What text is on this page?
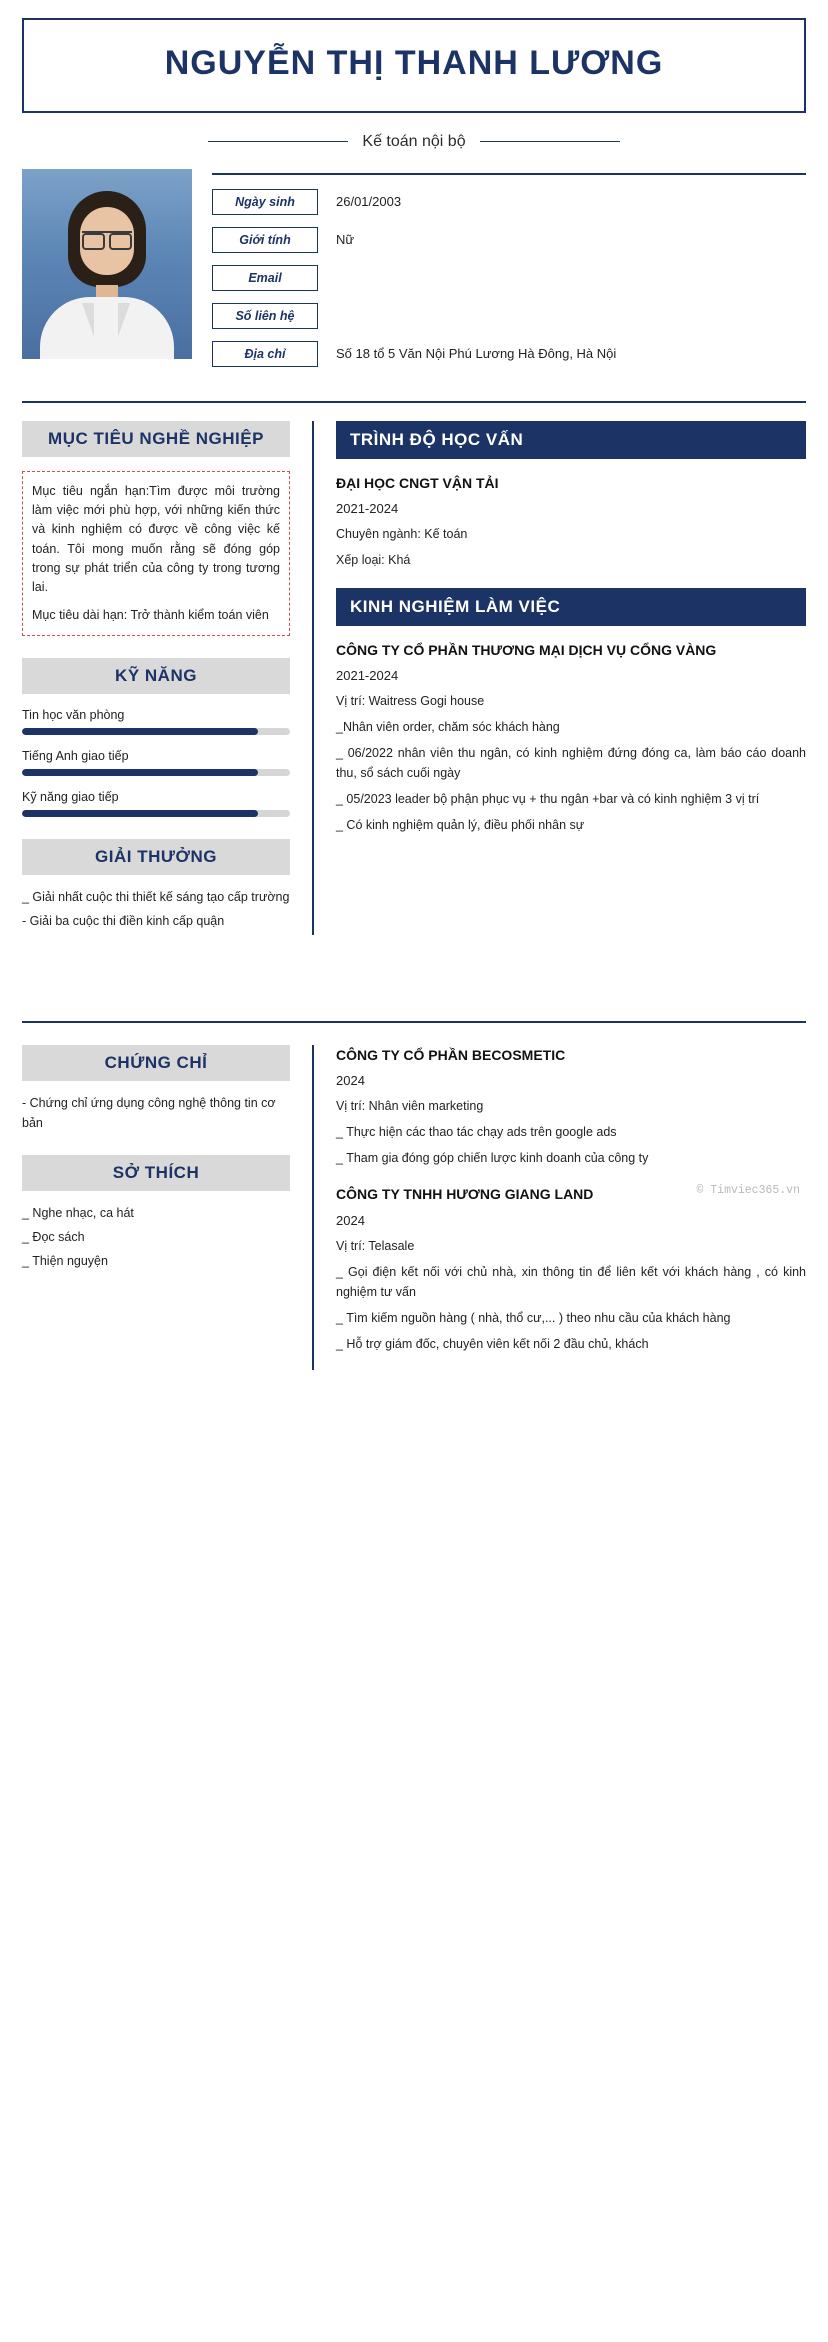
NGUYỄN THỊ THANH LƯƠNG
Kế toán nội bộ
Ngày sinh	26/01/2003
Giới tính	Nữ
Email
Số liên hệ
Địa chỉ	Số 18 tổ 5 Văn Nội Phú Lương Hà Đông, Hà Nội
MỤC TIÊU NGHỀ NGHIỆP

Mục tiêu ngắn hạn:Tìm được môi trường làm việc mới phù hợp, với những kiến thức và kinh nghiệm có được về công việc kế toán. Tôi mong muốn rằng sẽ đóng góp trong sự phát triển của công ty trong tương lai.

Mục tiêu dài hạn: Trở thành kiểm toán viên

KỸ NĂNG
Tin học văn phòng
Tiếng Anh giao tiếp
Kỹ năng giao tiếp
GIẢI THƯỞNG
_ Giải nhất cuộc thi thiết kế sáng tạo cấp trường
- Giải ba cuộc thi điền kinh cấp quận
TRÌNH ĐỘ HỌC VẤN
ĐẠI HỌC CNGT VẬN TẢI
2021-2024
Chuyên ngành: Kế toán
Xếp loại: Khá
KINH NGHIỆM LÀM VIỆC
CÔNG TY CỔ PHẦN THƯƠNG MẠI DỊCH VỤ CỔNG VÀNG
2021-2024
Vị trí: Waitress Gogi house
_Nhân viên order, chăm sóc khách hàng
_ 06/2022 nhân viên thu ngân, có kinh nghiệm đứng đóng ca, làm báo cáo doanh thu, sổ sách cuối ngày
_ 05/2023 leader bộ phận phục vụ + thu ngân +bar và có kinh nghiệm 3 vị trí
_ Có kinh nghiệm quản lý, điều phối nhân sự
© Timviec365.vn
CHỨNG CHỈ
- Chứng chỉ ứng dụng công nghệ thông tin cơ bản
SỞ THÍCH
_ Nghe nhạc, ca hát
_ Đọc sách
_ Thiện nguyện
CÔNG TY CỔ PHẦN BECOSMETIC
2024
Vị trí: Nhân viên marketing
_ Thực hiện các thao tác chạy ads trên google ads
_ Tham gia đóng góp chiến lược kinh doanh của công ty
CÔNG TY TNHH HƯƠNG GIANG LAND
2024
Vị trí: Telasale
_ Gọi điện kết nối với chủ nhà, xin thông tin để liên kết với khách hàng , có kinh nghiệm tư vấn
_ Tìm kiếm nguồn hàng ( nhà, thổ cư,... ) theo nhu cầu của khách hàng
_ Hỗ trợ giám đốc, chuyên viên kết nối 2 đầu chủ, khách
